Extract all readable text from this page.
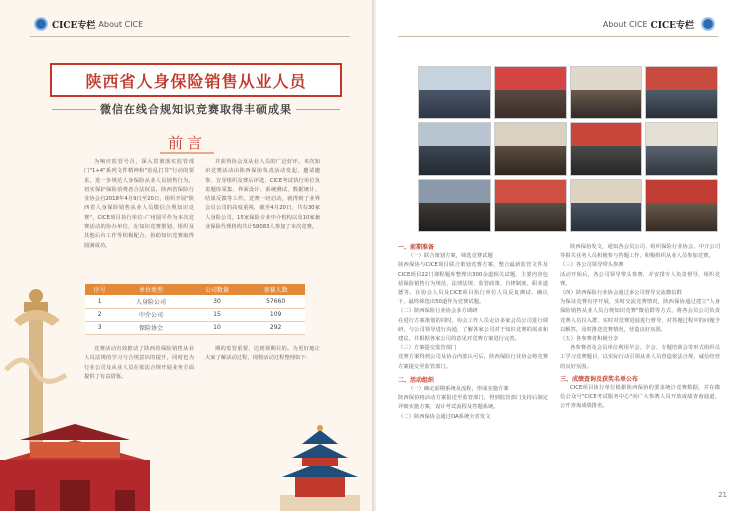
CICE专栏 About CICE
陕西省人身保险销售从业人员
微信在线合规知识竞赛取得丰硕成果
前言

为响应监管号召，深入贯彻落实监管部门"1+4"系列文件精神和"治乱打非"行动的要求，进一步规范人身保险从业人员销售行为，切实保护保险消费者合法权益，陕西省保险行业协会自2018年4月9日至20日，组织开展"陕西省人身保险销售从业人员微信合规知识竞赛"，CICE项目执行单位-广州圆平作为本次竞赛活动的协办单位，在知识竞赛策划、组织及其他后台工作等积极配合，协助知识竞赛取得圆满成功。

并获得协会及从业人员的广泛好评。本次知识竞赛活动由陕西保协负责活动发起、邀请邀参、宣导组织及赛后评选，CICE考试执行单位负责题库采集、界面设计、系统测试、数据统计、结果反馈等工作。竞赛一经启动，就得到了业界会员公司的高度重视，截至4月20日，共有30家人身险公司，15家保险专业中介机构以及10家兼业保险代理机构共计58083人参加了本次竞赛。

序号	单位类型	公司数量	参赛人数
1	人身险公司	30	57660
2	中介公司	15	109
3	保险协会	10	292

竞赛活动有效推动了陕西省保险销售从业人员法规的学习与合规意识的提升，同时也为行业公司及从业人员在依法合规开展业务方面提供了有益借鉴。

期的监管重要，达到预期目的。为更好地让大家了解活动过程，现将活动过程整理如下：

About CICE CICE专栏
一、前期准备

（一）联合策划方案，筛选竞赛试题
陕西保协与CICE项目联合策划竞赛方案，整合最新监管文件及CICE项目22门课程题库整理出300余道相关试题，主要内容包括保险销售行为规范、法律法规、监管政策、自律制度、职业道德等。在协会人员及CICE项目执行单位人员反复测试、确认下，最终筛选出50道作为竞赛试题。
（二）陕西保险行业协会多方调研
在进行方案策划的同时，协会工作人员走访多家会员公司进行调研，与公司领导进行沟通，了解各家公司对于知识竞赛的需求和建议，并根据各家公司的意见对竞赛方案进行完善。
（三）方案提交监管部门
竞赛方案得到公司及协会内部认可后，陕西保险行业协会将竞赛方案提交至监管部门。

二、活动组织

（一）确定前期系统及流程，形成实施方案
陕西保协将活动方案报送至监管部门，得到监管部门支持后制定详细实施方案，设计考试流程及答题系统。
（二）陕西保协会通过OA系统全省发文

陕西保协发文，通知各会员公司、组织保险行业协会、中介公司等相关业务人员积极参与答题工作，积极组织从业人员参加竞赛。
（三）各公司领导带头参赛
活动开始后，各公司领导带头参赛，并安排专人负责督导，组织竞赛。
（四）陕西保险行业协会通过多公司督导交流微信群
为保证竞赛有序开展，实时交流竞赛情况，陕西保协通过建立"人身保险销售从业人员合规知识竞赛"微信群等方式，将各会员公司负责竞赛人员拉入群，实时对竞赛进展进行督导，对答题过程中的问题予以解答，及时推送竞赛情况，营造良好氛围。
（五）各参赛者积极分享

各参赛者及会员单位利用早会、夕会、专题培训会等形式组织员工学习竞赛题目，以实际行动引领从业人员营造依法合规、诚信经营的良好氛围。

三、成绩查询及获奖名单公布

CICE项目执行单位根据陕西保协的要求统计竞赛数据，并在微信公众号"CICE考试服务中心"向广大参赛人员开放成绩查询通道，公开查询成绩排名。

21
